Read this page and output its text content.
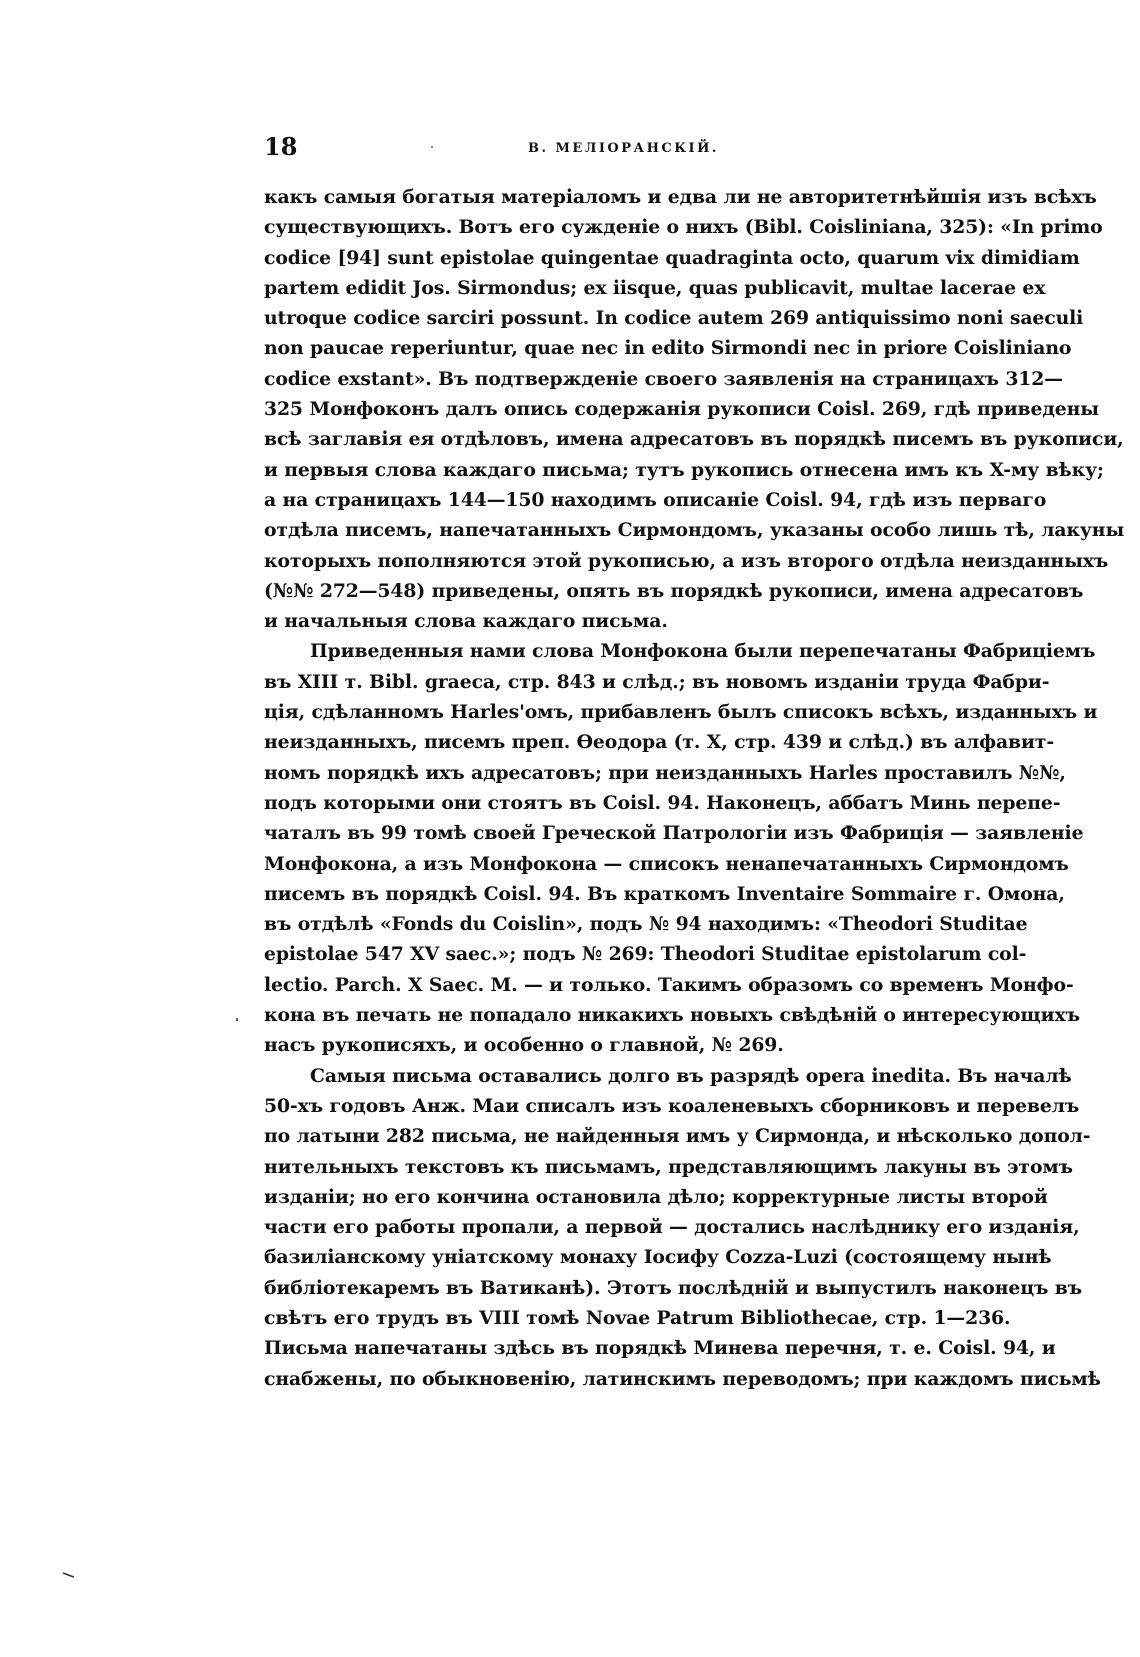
18	В. МЕЛІОРАНСКІЙ.
какъ самыя богатыя матеріаломъ и едва ли не авторитетнѣйшія изъ всѣхъ
существующихъ. Вотъ его сужденіе о нихъ (Bibl. Coisliniana, 325): «In primo
codice [94] sunt epistolae quingentae quadraginta octo, quarum vix dimidiam
partem edidit Jos. Sirmondus; ex iisque, quas publicavit, multae lacerae ex
utroque codice sarciri possunt. In codice autem 269 antiquissimo noni saeculi
non paucae reperiuntur, quae nec in edito Sirmondi nec in priore Coisliniano
codice exstant». Въ подтвержденіе своего заявленія на страницахъ 312—
325 Монфоконъ далъ опись содержанія рукописи Coisl. 269, гдѣ приведены
всѣ заглавія ея отдѣловъ, имена адресатовъ въ порядкѣ писемъ въ рукописи,
и первыя слова каждаго письма; тутъ рукопись отнесена имъ къ X-му вѣку;
а на страницахъ 144—150 находимъ описаніе Coisl. 94, гдѣ изъ перваго
отдѣла писемъ, напечатанныхъ Сирмондомъ, указаны особо лишь тѣ, лакуны
которыхъ пополняются этой рукописью, а изъ второго отдѣла неизданныхъ
(№№ 272—548) приведены, опять въ порядкѣ рукописи, имена адресатовъ
и начальныя слова каждаго письма.
Приведенныя нами слова Монфокона были перепечатаны Фабриціемъ
въ XIII т. Bibl. graeca, стр. 843 и слѣд.; въ новомъ изданіи труда Фабри-
ція, сдѣланномъ Harles'омъ, прибавленъ былъ списокъ всѣхъ, изданныхъ и
неизданныхъ, писемъ преп. Ѳеодора (т. X, стр. 439 и слѣд.) въ алфавит-
номъ порядкѣ ихъ адресатовъ; при неизданныхъ Harles проставилъ №№,
подъ которыми они стоятъ въ Coisl. 94. Наконецъ, аббатъ Минь перепе-
чаталъ въ 99 томѣ своей Греческой Патрологіи изъ Фабриція — заявленіе
Монфокона, а изъ Монфокона — списокъ ненапечатанныхъ Сирмондомъ
писемъ въ порядкѣ Coisl. 94. Въ краткомъ Inventaire Sommaire г. Омона,
въ отдѣлѣ «Fonds du Coislin», подъ № 94 находимъ: «Theodori Studitae
epistolae 547 XV saec.»; подъ № 269: Theodori Studitae epistolarum col-
lectio. Parch. X Saec. M. — и только. Такимъ образомъ со временъ Монфо-
кона въ печать не попадало никакихъ новыхъ свѣдѣній о интересующихъ
насъ рукописяхъ, и особенно о главной, № 269.
Самыя письма оставались долго въ разрядѣ opera inedita. Въ началѣ
50-хъ годовъ Анж. Маи списалъ изъ коаленевыхъ сборниковъ и перевелъ
по латыни 282 письма, не найденныя имъ у Сирмонда, и нѣсколько допол-
нительныхъ текстовъ къ письмамъ, представляющимъ лакуны въ этомъ
изданіи; но его кончина остановила дѣло; корректурные листы второй
части его работы пропали, а первой — достались наслѣднику его изданія,
базиліанскому уніатскому монаху Іосифу Cozza-Luzi (состоящему нынѣ
библіотекаремъ въ Ватиканѣ). Этотъ послѣдній и выпустилъ наконецъ въ
свѣтъ его трудъ въ VIII томѣ Novae Patrum Bibliothecae, стр. 1—236.
Письма напечатаны здѣсь въ порядкѣ Минева перечня, т. е. Coisl. 94, и
снабжены, по обыкновенію, латинскимъ переводомъ; при каждомъ письмѣ
